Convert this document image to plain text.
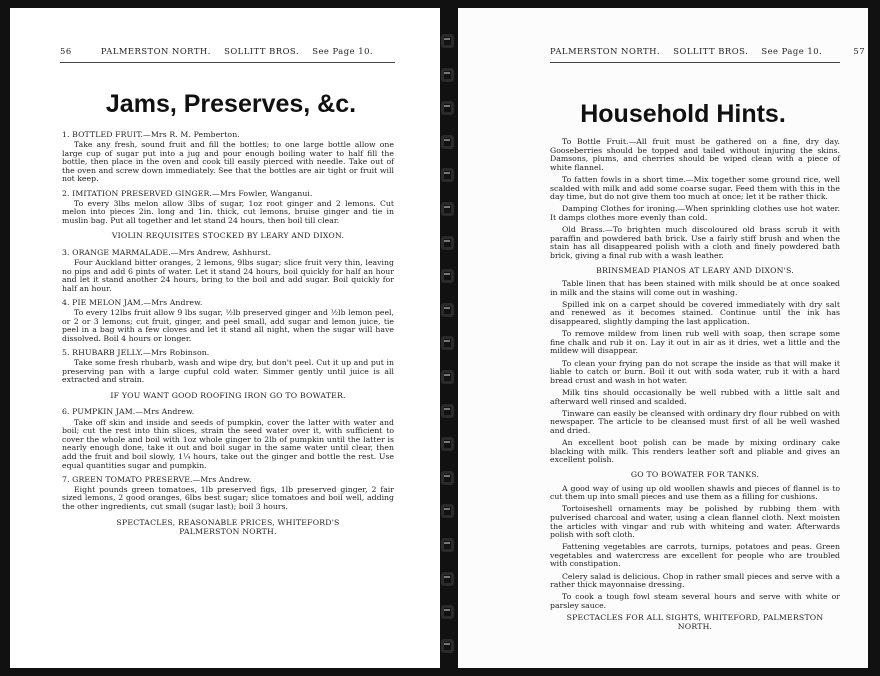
56	PALMERSTON NORTH. SOLLITT BROS. See Page 10.
Jams, Preserves, &c.

1. BOTTLED FRUIT.—Mrs R. M. Pemberton.

Take any fresh, sound fruit and fill the bottles; to one large bottle allow one large cup of sugar put into a jug and pour enough boiling water to half fill the bottle, then place in the oven and cook till easily pierced with needle. Take out of the oven and screw down immediately. See that the bottles are air tight or fruit will not keep.

2. IMITATION PRESERVED GINGER.—Mrs Fowler, Wanganui.

To every 3lbs melon allow 3lbs of sugar, 1oz root ginger and 2 lemons. Cut melon into pieces 2in. long and 1in. thick, cut lemons, bruise ginger and tie in muslin bag. Put all together and let stand 24 hours, then boil till clear.

VIOLIN REQUISITES STOCKED BY LEARY AND DIXON.

3. ORANGE MARMALADE.—Mrs Andrew, Ashhurst.

Four Auckland bitter oranges, 2 lemons, 9lbs sugar; slice fruit very thin, leaving no pips and add 6 pints of water. Let it stand 24 hours, boil quickly for half an hour and let it stand another 24 hours, bring to the boil and add sugar. Boil quickly for half an hour.

4. PIE MELON JAM.—Mrs Andrew.

To every 12lbs fruit allow 9 lbs sugar, ½lb preserved ginger and ½lb lemon peel, or 2 or 3 lemons; cut fruit, ginger, and peel small, add sugar and lemon juice, tie peel in a bag with a few cloves and let it stand all night, when the sugar will have dissolved. Boil 4 hours or longer.

5. RHUBARB JELLY.—Mrs Robinson.

Take some fresh rhubarb, wash and wipe dry, but don't peel. Cut it up and put in preserving pan with a large cupful cold water. Simmer gently until juice is all extracted and strain.

IF YOU WANT GOOD ROOFING IRON GO TO BOWATER.

6. PUMPKIN JAM.—Mrs Andrew.

Take off skin and inside and seeds of pumpkin, cover the latter with water and boil; cut the rest into thin slices, strain the seed water over it, with sufficient to cover the whole and boil with 1oz whole ginger to 2lb of pumpkin until the latter is nearly enough done, take it out and boil sugar in the same water until clear, then add the fruit and boil slowly, 1¼ hours, take out the ginger and bottle the rest. Use equal quantities sugar and pumpkin.

7. GREEN TOMATO PRESERVE.—Mrs Andrew.

Eight pounds green tomatoes, 1lb preserved figs, 1lb preserved ginger, 2 fair sized lemons, 2 good oranges, 6lbs best sugar; slice tomatoes and boil well, adding the other ingredients, cut small (sugar last); boil 3 hours.

SPECTACLES, REASONABLE PRICES, WHITEFORD'S
PALMERSTON NORTH.

PALMERSTON NORTH. SOLLITT BROS. See Page 10.	57
Household Hints.

To Bottle Fruit.—All fruit must be gathered on a fine, dry day. Gooseberries should be topped and tailed without injuring the skins. Damsons, plums, and cherries should be wiped clean with a piece of white flannel.

To fatten fowls in a short time.—Mix together some ground rice, well scalded with milk and add some coarse sugar. Feed them with this in the day time, but do not give them too much at once; let it be rather thick.

Damping Clothes for ironing.—When sprinkling clothes use hot water. It damps clothes more evenly than cold.

Old Brass.—To brighten much discoloured old brass scrub it with paraffin and powdered bath brick. Use a fairly stiff brush and when the stain has all disappeared polish with a cloth and finely powdered bath brick, giving a final rub with a wash leather.

BRINSMEAD PIANOS AT LEARY AND DIXON'S.

Table linen that has been stained with milk should be at once soaked in milk and the stains will come out in washing.

Spilled ink on a carpet should be covered immediately with dry salt and renewed as it becomes stained. Continue until the ink has disappeared, slightly damping the last application.

To remove mildew from linen rub well with soap, then scrape some fine chalk and rub it on. Lay it out in air as it dries, wet a little and the mildew will disappear.

To clean your frying pan do not scrape the inside as that will make it liable to catch or burn. Boil it out with soda water, rub it with a hard bread crust and wash in hot water.

Milk tins should occasionally be well rubbed with a little salt and afterward well rinsed and scalded.

Tinware can easily be cleansed with ordinary dry flour rubbed on with newspaper. The article to be cleansed must first of all be well washed and dried.

An excellent boot polish can be made by mixing ordinary cake blacking with milk. This renders leather soft and pliable and gives an excellent polish.

GO TO BOWATER FOR TANKS.

A good way of using up old woollen shawls and pieces of flannel is to cut them up into small pieces and use them as a filling for cushions.

Tortoiseshell ornaments may be polished by rubbing them with pulverised charcoal and water, using a clean flannel cloth. Next moisten the articles with vingar and rub with whiteing and water. Afterwards polish with soft cloth.

Fattening vegetables are carrots, turnips, potatoes and peas. Green vegetables and watercress are excellent for people who are troubled with constipation.

Celery salad is delicious. Chop in rather small pieces and serve with a rather thick mayonnaise dressing.

To cook a tough fowl steam several hours and serve with white or parsley sauce.

SPECTACLES FOR ALL SIGHTS, WHITEFORD, PALMERSTON
NORTH.
